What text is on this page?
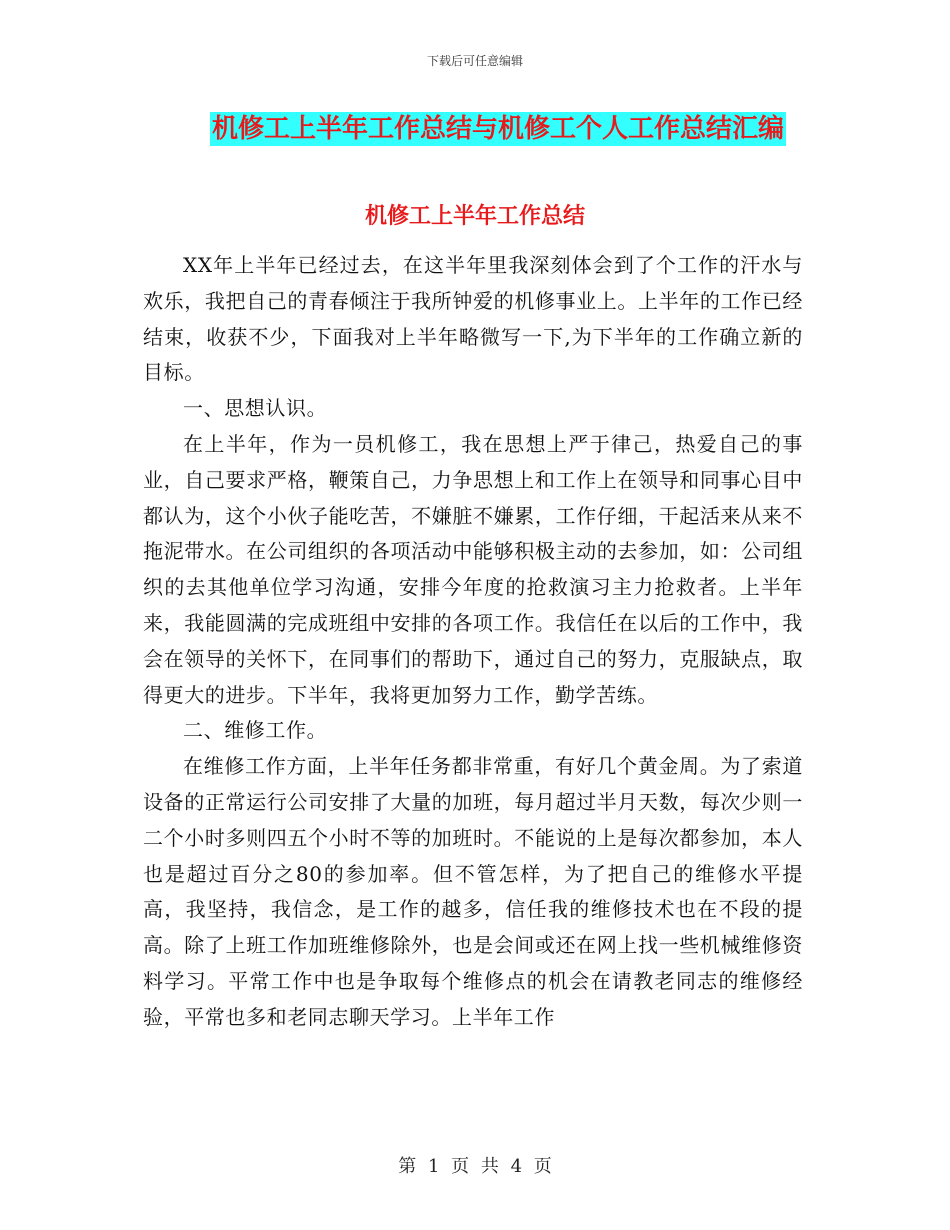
下载后可任意编辑
机修工上半年工作总结与机修工个人工作总结汇编
机修工上半年工作总结

XX年上半年已经过去，在这半年里我深刻体会到了个工作的汗水与欢乐，我把自己的青春倾注于我所钟爱的机修事业上。上半年的工作已经结束，收获不少，下面我对上半年略微写一下,为下半年的工作确立新的目标。

一、思想认识。

在上半年，作为一员机修工，我在思想上严于律己，热爱自己的事业，自己要求严格，鞭策自己，力争思想上和工作上在领导和同事心目中都认为，这个小伙子能吃苦，不嫌脏不嫌累，工作仔细，干起活来从来不拖泥带水。在公司组织的各项活动中能够积极主动的去参加，如：公司组织的去其他单位学习沟通，安排今年度的抢救演习主力抢救者。上半年来，我能圆满的完成班组中安排的各项工作。我信任在以后的工作中，我会在领导的关怀下，在同事们的帮助下，通过自己的努力，克服缺点，取得更大的进步。下半年，我将更加努力工作，勤学苦练。

二、维修工作。

在维修工作方面，上半年任务都非常重，有好几个黄金周。为了索道设备的正常运行公司安排了大量的加班，每月超过半月天数，每次少则一二个小时多则四五个小时不等的加班时。不能说的上是每次都参加，本人也是超过百分之80的参加率。但不管怎样，为了把自己的维修水平提高，我坚持，我信念，是工作的越多，信任我的维修技术也在不段的提高。除了上班工作加班维修除外，也是会间或还在网上找一些机械维修资料学习。平常工作中也是争取每个维修点的机会在请教老同志的维修经验，平常也多和老同志聊天学习。上半年工作

第 1 页 共 4 页
